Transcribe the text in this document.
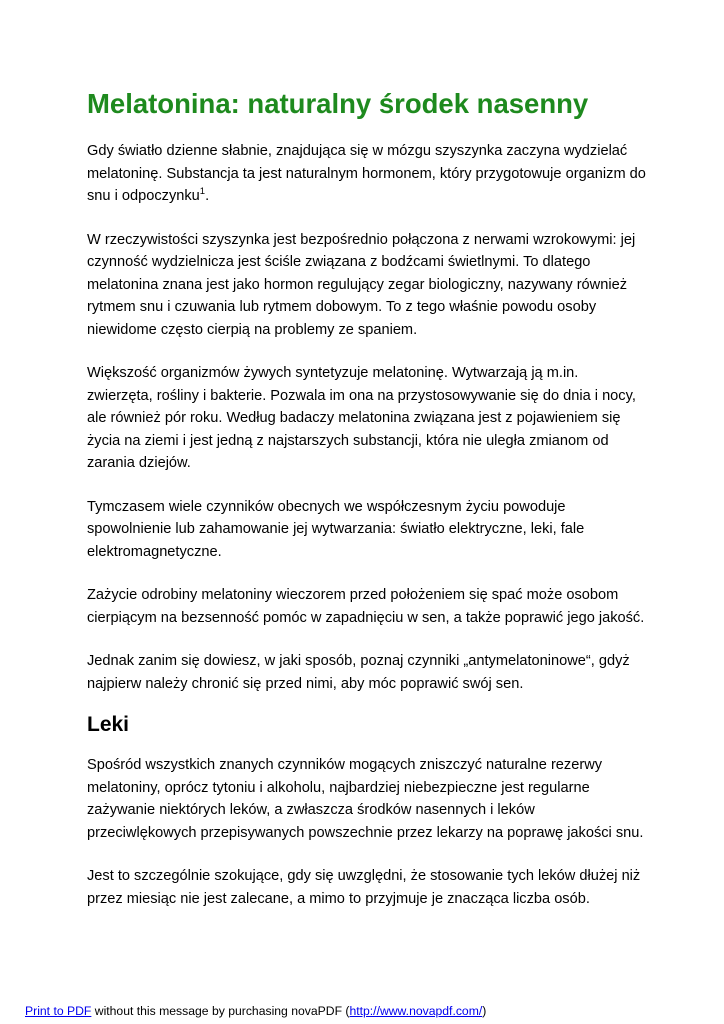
Melatonina: naturalny środek nasenny

Gdy światło dzienne słabnie, znajdująca się w mózgu szyszynka zaczyna wydzielać melatoninę. Substancja ta jest naturalnym hormonem, który przygotowuje organizm do snu i odpoczynku$^1$.

W rzeczywistości szyszynka jest bezpośrednio połączona z nerwami wzrokowymi: jej czynność wydzielnicza jest ściśle związana z bodźcami świetlnymi. To dlatego melatonina znana jest jako hormon regulujący zegar biologiczny, nazywany również rytmem snu i czuwania lub rytmem dobowym. To z tego właśnie powodu osoby niewidome często cierpią na problemy ze spaniem.

Większość organizmów żywych syntetyzuje melatoninę. Wytwarzają ją m.in. zwierzęta, rośliny i bakterie. Pozwala im ona na przystosowywanie się do dnia i nocy, ale również pór roku. Według badaczy melatonina związana jest z pojawieniem się życia na ziemi i jest jedną z najstarszych substancji, która nie uległa zmianom od zarania dziejów.

Tymczasem wiele czynników obecnych we współczesnym życiu powoduje spowolnienie lub zahamowanie jej wytwarzania: światło elektryczne, leki, fale elektromagnetyczne.

Zażycie odrobiny melatoniny wieczorem przed położeniem się spać może osobom cierpiącym na bezsenność pomóc w zapadnięciu w sen, a także poprawić jego jakość.

Jednak zanim się dowiesz, w jaki sposób, poznaj czynniki „antymelatoninowe“, gdyż najpierw należy chronić się przed nimi, aby móc poprawić swój sen.

Leki

Spośród wszystkich znanych czynników mogących zniszczyć naturalne rezerwy melatoniny, oprócz tytoniu i alkoholu, najbardziej niebezpieczne jest regularne zażywanie niektórych leków, a zwłaszcza środków nasennych i leków przeciwlękowych przepisywanych powszechnie przez lekarzy na poprawę jakości snu.

Jest to szczególnie szokujące, gdy się uwzględni, że stosowanie tych leków dłużej niż przez miesiąc nie jest zalecane, a mimo to przyjmuje je znacząca liczba osób.

Print to PDF without this message by purchasing novaPDF (http://www.novapdf.com/)
